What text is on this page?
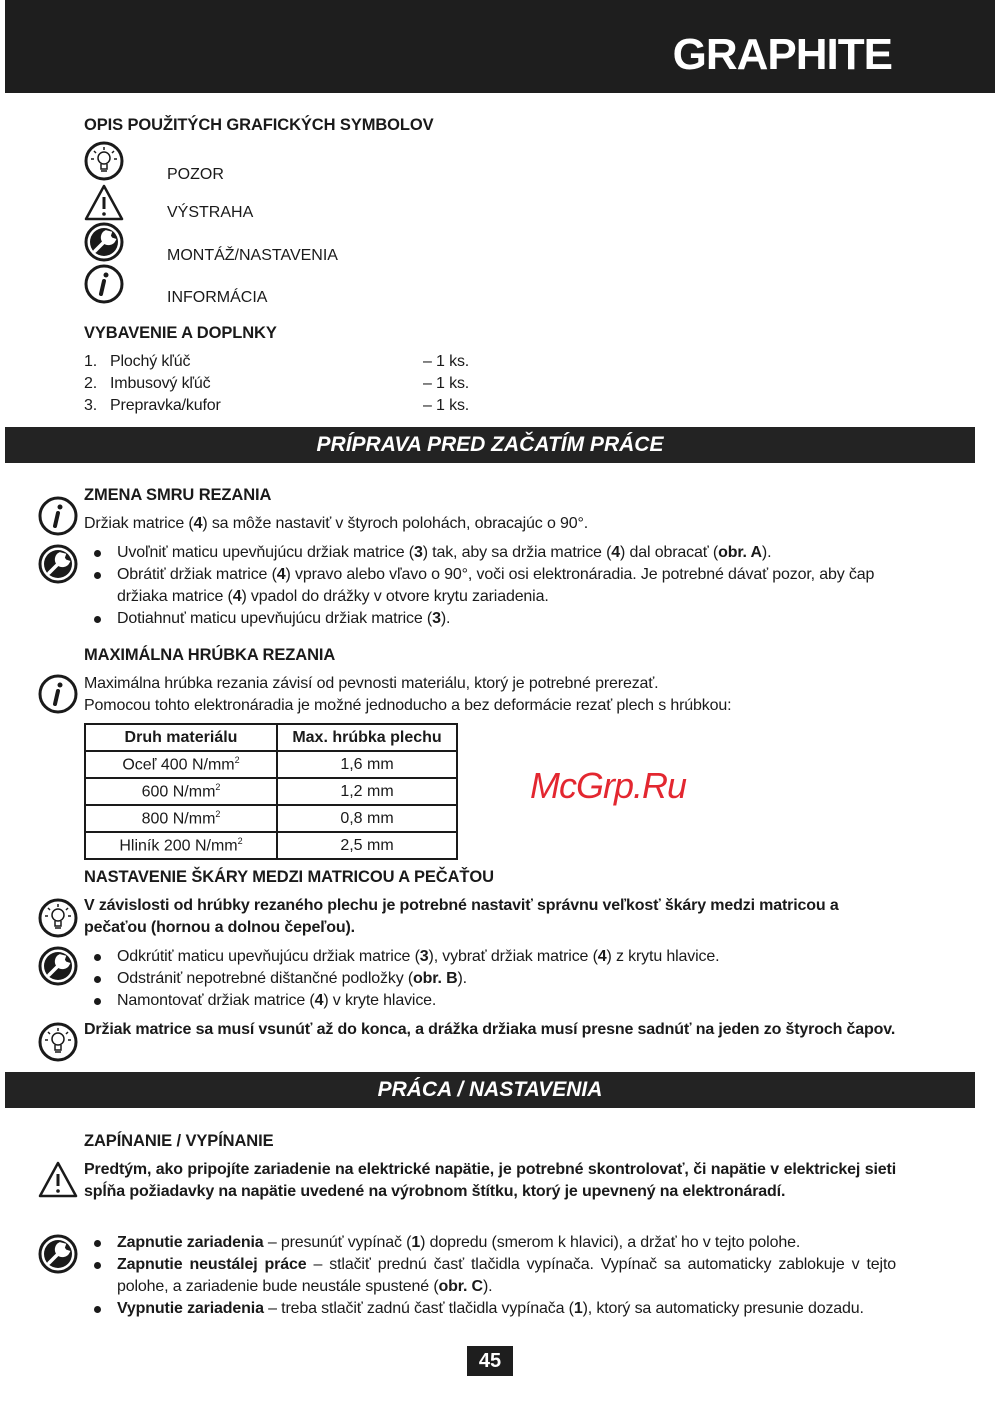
GRAPHITE
OPIS POUŽITÝCH GRAFICKÝCH SYMBOLOV
POZOR
VÝSTRAHA
MONTÁŽ/NASTAVENIA
INFORMÁCIA
VYBAVENIE A DOPLNKY
1. Plochý kľúč	– 1 ks.
2. Imbusový kľúč	– 1 ks.
3. Prepravka/kufor	– 1 ks.
PRÍPRAVA PRED ZAČATÍM PRÁCE
ZMENA SMRU REZANIA
Držiak matrice (4) sa môže nastaviť v štyroch polohách, obracajúc o 90°.
Uvoľniť maticu upevňujúcu držiak matrice (3) tak, aby sa držia matrice (4) dal obracať (obr. A).
Obrátiť držiak matrice (4) vpravo alebo vľavo o 90°, voči osi elektronáradia. Je potrebné dávať pozor, aby čap držiaka matrice (4) vpadol do drážky v otvore krytu zariadenia.
Dotiahnuť maticu upevňujúcu držiak matrice (3).
MAXIMÁLNA HRÚBKA REZANIA
Maximálna hrúbka rezania závisí od pevnosti materiálu, ktorý je potrebné prerezať.
Pomocou tohto elektronáradia je možné jednoducho a bez deformácie rezať plech s hrúbkou:
Druh materiálu	Max. hrúbka plechu
Oceľ 400 $N/mm^2$	1,6 mm
600 $N/mm^2$	1,2 mm
800 $N/mm^2$	0,8 mm
Hliník 200 $N/mm^2$	2,5 mm
McGrp.Ru
NASTAVENIE ŠKÁRY MEDZI MATRICOU A PEČAŤOU
V závislosti od hrúbky rezaného plechu je potrebné nastaviť správnu veľkosť škáry medzi matricou a pečaťou (hornou a dolnou čepeľou).
Odkrútiť maticu upevňujúcu držiak matrice (3), vybrať držiak matrice (4) z krytu hlavice.
Odstrániť nepotrebné dištančné podložky (obr. B).
Namontovať držiak matrice (4) v kryte hlavice.
Držiak matrice sa musí vsunúť až do konca, a drážka držiaka musí presne sadnúť na jeden zo štyroch čapov.
PRÁCA / NASTAVENIA
ZAPÍNANIE / VYPÍNANIE
Predtým, ako pripojíte zariadenie na elektrické napätie, je potrebné skontrolovať, či napätie v elektrickej sieti spĺňa požiadavky na napätie uvedené na výrobnom štítku, ktorý je upevnený na elektronáradí.
Zapnutie zariadenia – presunúť vypínač (1) dopredu (smerom k hlavici), a držať ho v tejto polohe.
Zapnutie neustálej práce – stlačiť prednú časť tlačidla vypínača. Vypínač sa automaticky zablokuje v tejto polohe, a zariadenie bude neustále spustené (obr. C).
Vypnutie zariadenia – treba stlačiť zadnú časť tlačidla vypínača (1), ktorý sa automaticky presunie dozadu.
45
